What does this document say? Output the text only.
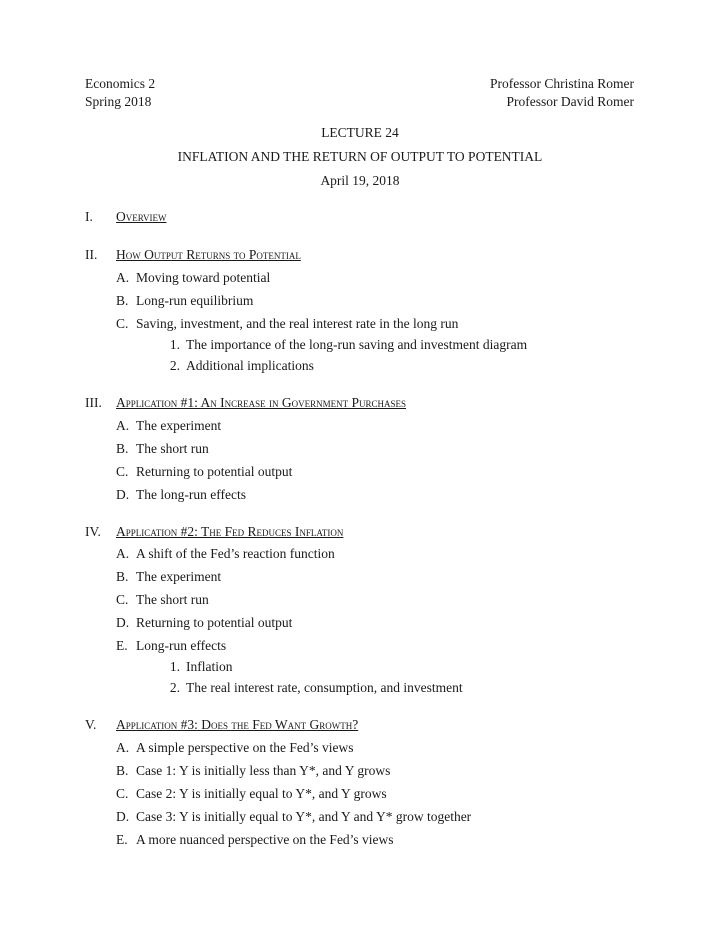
Economics 2
Spring 2018
Professor Christina Romer
Professor David Romer
LECTURE 24
INFLATION AND THE RETURN OF OUTPUT TO POTENTIAL
April 19, 2018
I. Overview
II. How Output Returns to Potential
A. Moving toward potential
B. Long-run equilibrium
C. Saving, investment, and the real interest rate in the long run
1. The importance of the long-run saving and investment diagram
2. Additional implications
III. Application #1: An Increase in Government Purchases
A. The experiment
B. The short run
C. Returning to potential output
D. The long-run effects
IV. Application #2: The Fed Reduces Inflation
A. A shift of the Fed’s reaction function
B. The experiment
C. The short run
D. Returning to potential output
E. Long-run effects
1. Inflation
2. The real interest rate, consumption, and investment
V. Application #3: Does the Fed Want Growth?
A. A simple perspective on the Fed’s views
B. Case 1: Y is initially less than Y*, and Y grows
C. Case 2: Y is initially equal to Y*, and Y grows
D. Case 3: Y is initially equal to Y*, and Y and Y* grow together
E. A more nuanced perspective on the Fed’s views
